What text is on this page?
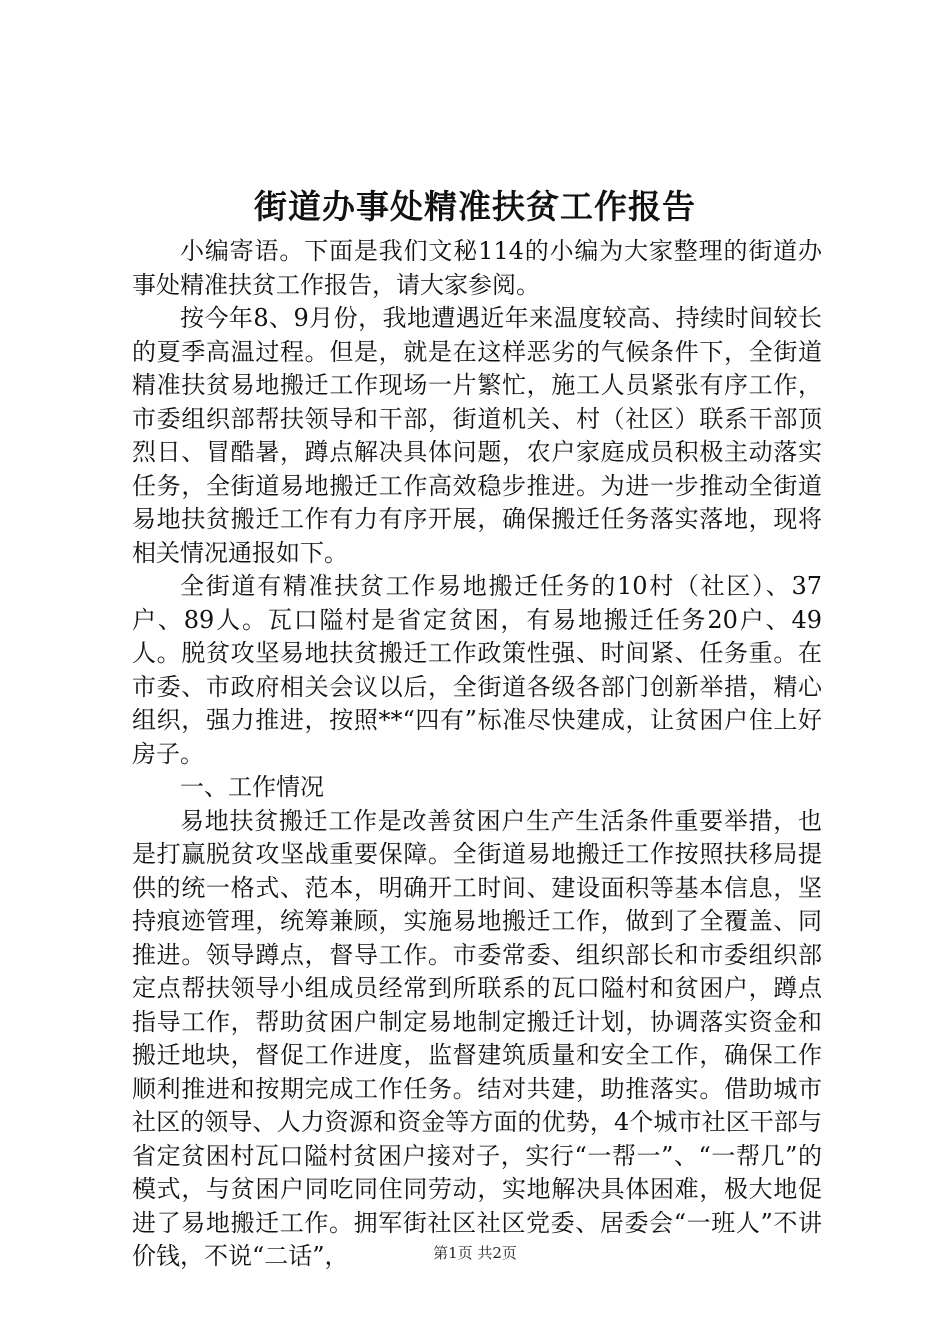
街道办事处精准扶贫工作报告

小编寄语。下面是我们文秘114的小编为大家整理的街道办事处精准扶贫工作报告，请大家参阅。

按今年8、9月份，我地遭遇近年来温度较高、持续时间较长的夏季高温过程。但是，就是在这样恶劣的气候条件下，全街道精准扶贫易地搬迁工作现场一片繁忙，施工人员紧张有序工作，市委组织部帮扶领导和干部，街道机关、村（社区）联系干部顶烈日、冒酷暑，蹲点解决具体问题，农户家庭成员积极主动落实任务，全街道易地搬迁工作高效稳步推进。为进一步推动全街道易地扶贫搬迁工作有力有序开展，确保搬迁任务落实落地，现将相关情况通报如下。

全街道有精准扶贫工作易地搬迁任务的10村（社区）、37户、89人。瓦口隘村是省定贫困，有易地搬迁任务20户、49人。脱贫攻坚易地扶贫搬迁工作政策性强、时间紧、任务重。在市委、市政府相关会议以后，全街道各级各部门创新举措，精心组织，强力推进，按照**“四有”标准尽快建成，让贫困户住上好房子。

一、工作情况

易地扶贫搬迁工作是改善贫困户生产生活条件重要举措，也是打赢脱贫攻坚战重要保障。全街道易地搬迁工作按照扶移局提供的统一格式、范本，明确开工时间、建设面积等基本信息，坚持痕迹管理，统筹兼顾，实施易地搬迁工作，做到了全覆盖、同推进。领导蹲点，督导工作。市委常委、组织部长和市委组织部定点帮扶领导小组成员经常到所联系的瓦口隘村和贫困户，蹲点指导工作，帮助贫困户制定易地制定搬迁计划，协调落实资金和搬迁地块，督促工作进度，监督建筑质量和安全工作，确保工作顺利推进和按期完成工作任务。结对共建，助推落实。借助城市社区的领导、人力资源和资金等方面的优势，4个城市社区干部与省定贫困村瓦口隘村贫困户接对子，实行“一帮一”、“一帮几”的模式，与贫困户同吃同住同劳动，实地解决具体困难，极大地促进了易地搬迁工作。拥军街社区社区党委、居委会“一班人”不讲价钱，不说“二话”，	第1页 共2页
